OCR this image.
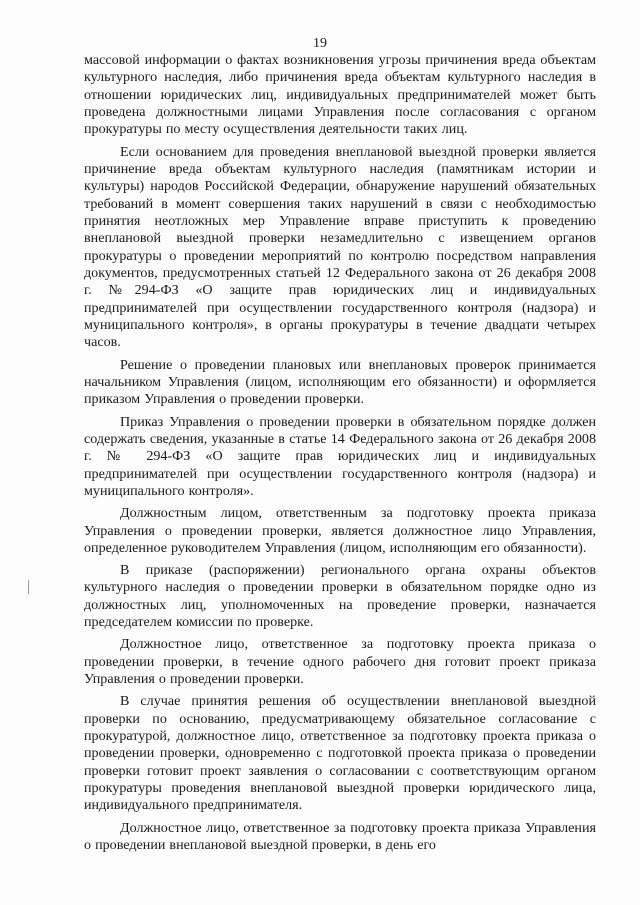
19

массовой информации о фактах возникновения угрозы причинения вреда объектам культурного наследия, либо причинения вреда объектам культурного наследия в отношении юридических лиц, индивидуальных предпринимателей может быть проведена должностными лицами Управления после согласования с органом прокуратуры по месту осуществления деятельности таких лиц.

Если основанием для проведения внеплановой выездной проверки является причинение вреда объектам культурного наследия (памятникам истории и культуры) народов Российской Федерации, обнаружение нарушений обязательных требований в момент совершения таких нарушений в связи с необходимостью принятия неотложных мер Управление вправе приступить к проведению внеплановой выездной проверки незамедлительно с извещением органов прокуратуры о проведении мероприятий по контролю посредством направления документов, предусмотренных статьей 12 Федерального закона от 26 декабря 2008 г. №294-ФЗ «О защите прав юридических лиц и индивидуальных предпринимателей при осуществлении государственного контроля (надзора) и муниципального контроля», в органы прокуратуры в течение двадцати четырех часов.

Решение о проведении плановых или внеплановых проверок принимается начальником Управления (лицом, исполняющим его обязанности) и оформляется приказом Управления о проведении проверки.

Приказ Управления о проведении проверки в обязательном порядке должен содержать сведения, указанные в статье 14 Федерального закона от 26 декабря 2008 г. № 294-ФЗ «О защите прав юридических лиц и индивидуальных предпринимателей при осуществлении государственного контроля (надзора) и муниципального контроля».

Должностным лицом, ответственным за подготовку проекта приказа Управления о проведении проверки, является должностное лицо Управления, определенное руководителем Управления (лицом, исполняющим его обязанности).

В приказе (распоряжении) регионального органа охраны объектов культурного наследия о проведении проверки в обязательном порядке одно из должностных лиц, уполномоченных на проведение проверки, назначается председателем комиссии по проверке.

Должностное лицо, ответственное за подготовку проекта приказа о проведении проверки, в течение одного рабочего дня готовит проект приказа Управления о проведении проверки.

В случае принятия решения об осуществлении внеплановой выездной проверки по основанию, предусматривающему обязательное согласование с прокуратурой, должностное лицо, ответственное за подготовку проекта приказа о проведении проверки, одновременно с подготовкой проекта приказа о проведении проверки готовит проект заявления о согласовании с соответствующим органом прокуратуры проведения внеплановой выездной проверки юридического лица, индивидуального предпринимателя.

Должностное лицо, ответственное за подготовку проекта приказа Управления о проведении внеплановой выездной проверки, в день его
